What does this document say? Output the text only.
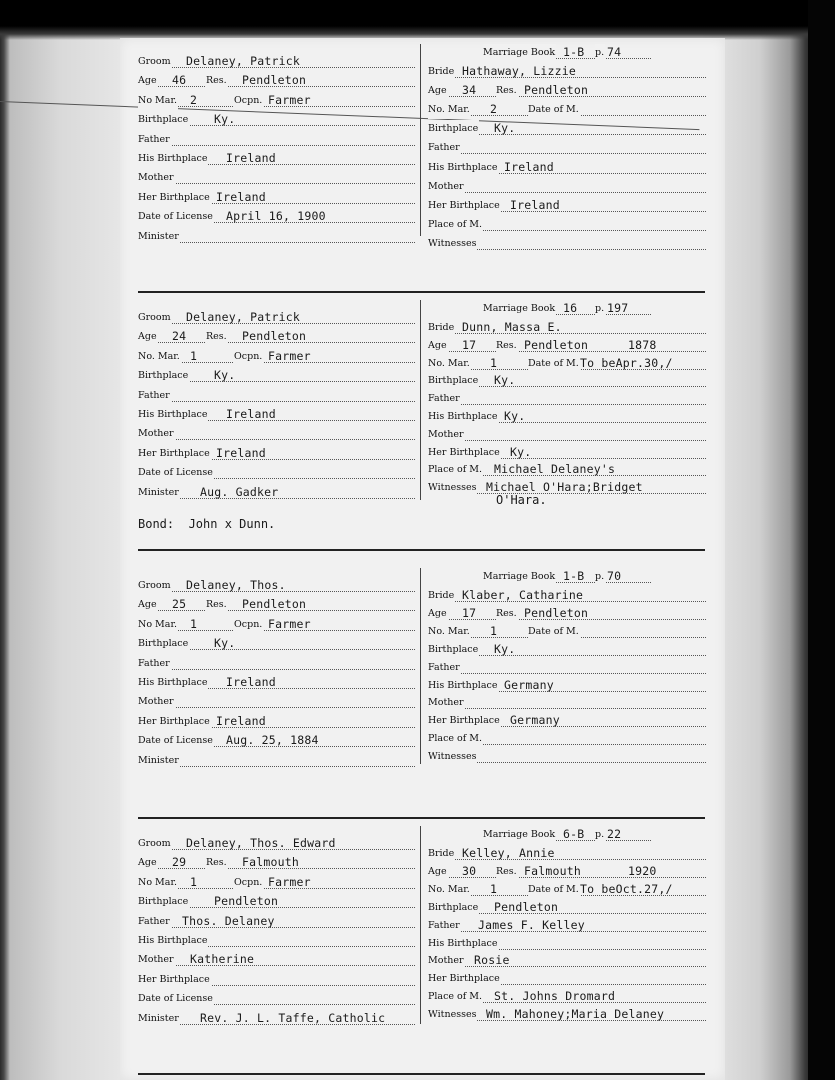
Groom Delaney, Patrick
Age 46 Res. Pendleton
No Mar. 2	Ocpn. Farmer
Birthplace Ky.
Father
His Birthplace Ireland
Mother
Her Birthplace Ireland
Date of License April 16, 1900
Minister
Marriage Book 1-B p. 74
Bride Hathaway, Lizzie
Age 34 Res. Pendleton
No. Mar. 2	Date of M.
Birthplace Ky.
Father
His Birthplace Ireland
Mother
Her Birthplace Ireland
Place of M.
Witnesses
Groom Delaney, Patrick
Age 24 Res. Pendleton
No. Mar. 1	Ocpn. Farmer
Birthplace Ky.
Father
His Birthplace Ireland
Mother
Her Birthplace Ireland
Date of License
Minister Aug. Gadker
Marriage Book 16 p. 197
Bride Dunn, Massa E.
Age 17 Res. Pendleton	1878
No. Mar. 1	Date of M. To beApr.30,/
Birthplace Ky.
Father
His Birthplace Ky.
Mother
Her Birthplace Ky.
Place of M. Michael Delaney's
Witnesses Michael O'Hara;Bridget
O'Hara.
Bond:  John x Dunn.
Groom Delaney, Thos.
Age 25 Res. Pendleton
No Mar. 1	Ocpn. Farmer
Birthplace Ky.
Father
His Birthplace Ireland
Mother
Her Birthplace Ireland
Date of License Aug. 25, 1884
Minister
Marriage Book 1-B p. 70
Bride Klaber, Catharine
Age 17 Res. Pendleton
No. Mar. 1	Date of M.
Birthplace Ky.
Father
His Birthplace Germany
Mother
Her Birthplace Germany
Place of M.
Witnesses
Groom Delaney, Thos. Edward
Age 29 Res. Falmouth
No Mar. 1	Ocpn. Farmer
Birthplace Pendleton
Father Thos. Delaney
His Birthplace
Mother Katherine
Her Birthplace
Date of License
Minister Rev. J. L. Taffe, Catholic
Marriage Book 6-B p. 22
Bride Kelley, Annie
Age 30 Res. Falmouth	1920
No. Mar. 1	Date of M. To beOct.27,/
Birthplace Pendleton
Father James F. Kelley
His Birthplace
Mother Rosie
Her Birthplace
Place of M. St. Johns Dromard
Witnesses Wm. Mahoney;Maria Delaney
